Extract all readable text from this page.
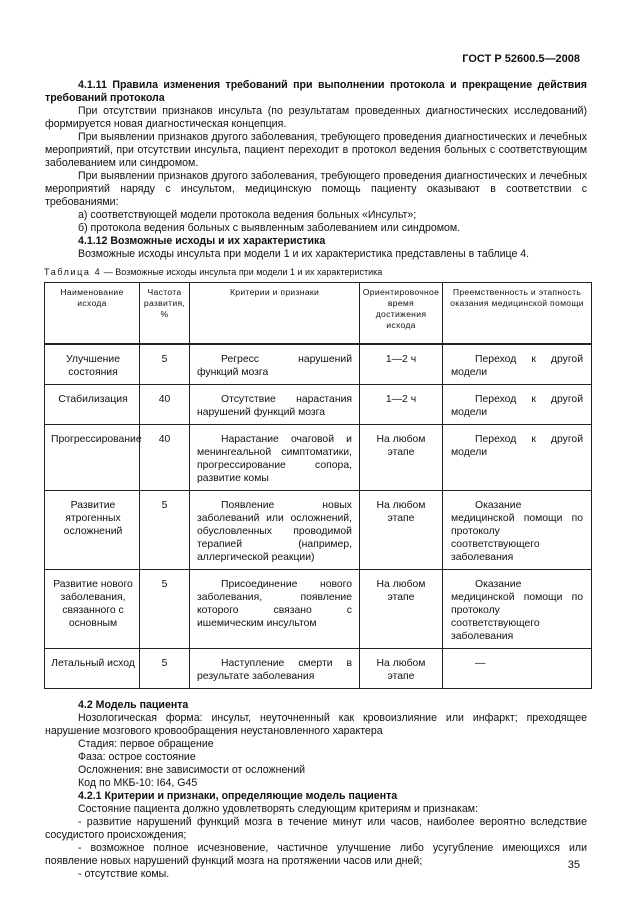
ГОСТ Р 52600.5—2008

4.1.11 Правила изменения требований при выполнении протокола и прекращение действия требований протокола

При отсутствии признаков инсульта (по результатам проведенных диагностических исследований) формируется новая диагностическая концепция.

При выявлении признаков другого заболевания, требующего проведения диагностических и лечебных мероприятий, при отсутствии инсульта, пациент переходит в протокол ведения больных с соответствующим заболеванием или синдромом.

При выявлении признаков другого заболевания, требующего проведения диагностических и лечебных мероприятий наряду с инсультом, медицинскую помощь пациенту оказывают в соответствии с требованиями:

а) соответствующей модели протокола ведения больных «Инсульт»;

б) протокола ведения больных с выявленным заболеванием или синдромом.

4.1.12 Возможные исходы и их характеристика

Возможные исходы инсульта при модели 1 и их характеристика представлены в таблице 4.

Таблица 4 — Возможные исходы инсульта при модели 1 и их характеристика
Наименование исхода	Частота развития, %	Критерии и признаки	Ориентировочное время достижения исхода	Преемственность и этапность оказания медицинской помощи
Улучшение состояния	5	Регресс нарушений функций мозга	1—2 ч	Переход к другой модели
Стабилизация	40	Отсутствие нарастания нарушений функций мозга	1—2 ч	Переход к другой модели
Прогрессирование	40	Нарастание очаговой и менингеальной симптоматики, прогрессирование сопора, развитие комы	На любом этапе	Переход к другой модели
Развитие ятрогенных осложнений	5	Появление новых заболеваний или осложнений, обусловленных проводимой терапией (например, аллергической реакции)	На любом этапе	Оказание медицинской помощи по протоколу соответствующего заболевания
Развитие нового заболевания, связанного с основным	5	Присоединение нового заболевания, появление которого связано с ишемическим инсультом	На любом этапе	Оказание медицинской помощи по протоколу соответствующего заболевания
Летальный исход	5	Наступление смерти в результате заболевания	На любом этапе	—

4.2 Модель пациента

Нозологическая форма: инсульт, неуточненный как кровоизлияние или инфаркт; преходящее нарушение мозгового кровообращения неустановленного характера

Стадия: первое обращение

Фаза: острое состояние

Осложнения: вне зависимости от осложнений

Код по МКБ-10: I64, G45

4.2.1 Критерии и признаки, определяющие модель пациента

Состояние пациента должно удовлетворять следующим критериям и признакам:

- развитие нарушений функций мозга в течение минут или часов, наиболее вероятно вследствие сосудистого происхождения;

- возможное полное исчезновение, частичное улучшение либо усугубление имеющихся или появление новых нарушений функций мозга на протяжении часов или дней;

- отсутствие комы.

35
